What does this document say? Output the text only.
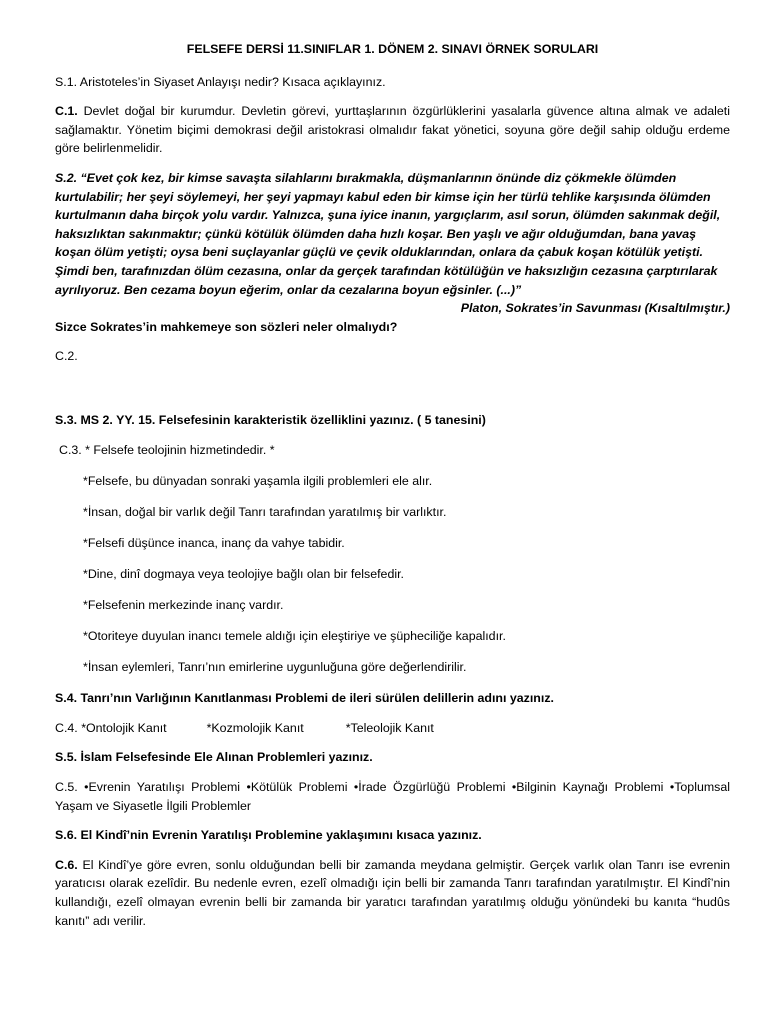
FELSEFE DERSİ 11.SINIFLAR 1. DÖNEM 2. SINAVI ÖRNEK SORULARI

S.1. Aristoteles’in Siyaset Anlayışı nedir? Kısaca açıklayınız.

C.1. Devlet doğal bir kurumdur. Devletin görevi, yurttaşlarının özgürlüklerini yasalarla güvence altına almak ve adaleti sağlamaktır. Yönetim biçimi demokrasi değil aristokrasi olmalıdır fakat yönetici, soyuna göre değil sahip olduğu erdeme göre belirlenmelidir.

S.2. “Evet çok kez, bir kimse savaşta silahlarını bırakmakla, düşmanlarının önünde diz çökmekle ölümden kurtulabilir; her şeyi söylemeyi, her şeyi yapmayı kabul eden bir kimse için her türlü tehlike karşısında ölümden kurtulmanın daha birçok yolu vardır. Yalnızca, şuna iyice inanın, yargıçlarım, asıl sorun, ölümden sakınmak değil, haksızlıktan sakınmaktır; çünkü kötülük ölümden daha hızlı koşar. Ben yaşlı ve ağır olduğumdan, bana yavaş koşan ölüm yetişti; oysa beni suçlayanlar güçlü ve çevik olduklarından, onlara da çabuk koşan kötülük yetişti. Şimdi ben, tarafınızdan ölüm cezasına, onlar da gerçek tarafından kötülüğün ve haksızlığın cezasına çarptırılarak ayrılıyoruz. Ben cezama boyun eğerim, onlar da cezalarına boyun eğsinler. (...)”
Platon, Sokrates’in Savunması (Kısaltılmıştır.)

Sizce Sokrates’in mahkemeye son sözleri neler olmalıydı?

C.2.

S.3. MS 2. YY. 15. Felsefesinin karakteristik özelliklini yazınız. ( 5 tanesini)

C.3. * Felsefe teolojinin hizmetindedir. *

*Felsefe, bu dünyadan sonraki yaşamla ilgili problemleri ele alır.

*İnsan, doğal bir varlık değil Tanrı tarafından yaratılmış bir varlıktır.

*Felsefi düşünce inanca, inanç da vahye tabidir.

*Dine, dinî dogmaya veya teolojiye bağlı olan bir felsefedir.

*Felsefenin merkezinde inanç vardır.

*Otoriteye duyulan inancı temele aldığı için eleştiriye ve şüpheciliğe kapalıdır.

*İnsan eylemleri, Tanrı’nın emirlerine uygunluğuna göre değerlendirilir.

S.4. Tanrı’nın Varlığının Kanıtlanması Problemi de ileri sürülen delillerin adını yazınız.

C.4. *Ontolojik Kanıt	*Kozmolojik Kanıt	*Teleolojik Kanıt

S.5. İslam Felsefesinde Ele Alınan Problemleri yazınız.

C.5. •Evrenin Yaratılışı Problemi •Kötülük Problemi •İrade Özgürlüğü Problemi •Bilginin Kaynağı Problemi •Toplumsal Yaşam ve Siyasetle İlgili Problemler

S.6. El Kindî’nin Evrenin Yaratılışı Problemine yaklaşımını kısaca yazınız.

C.6. El Kindî’ye göre evren, sonlu olduğundan belli bir zamanda meydana gelmiştir. Gerçek varlık olan Tanrı ise evrenin yaratıcısı olarak ezelîdir. Bu nedenle evren, ezelî olmadığı için belli bir zamanda Tanrı tarafından yaratılmıştır. El Kindî’nin kullandığı, ezelî olmayan evrenin belli bir zamanda bir yaratıcı tarafından yaratılmış olduğu yönündeki bu kanıta “hudûs kanıtı” adı verilir.
